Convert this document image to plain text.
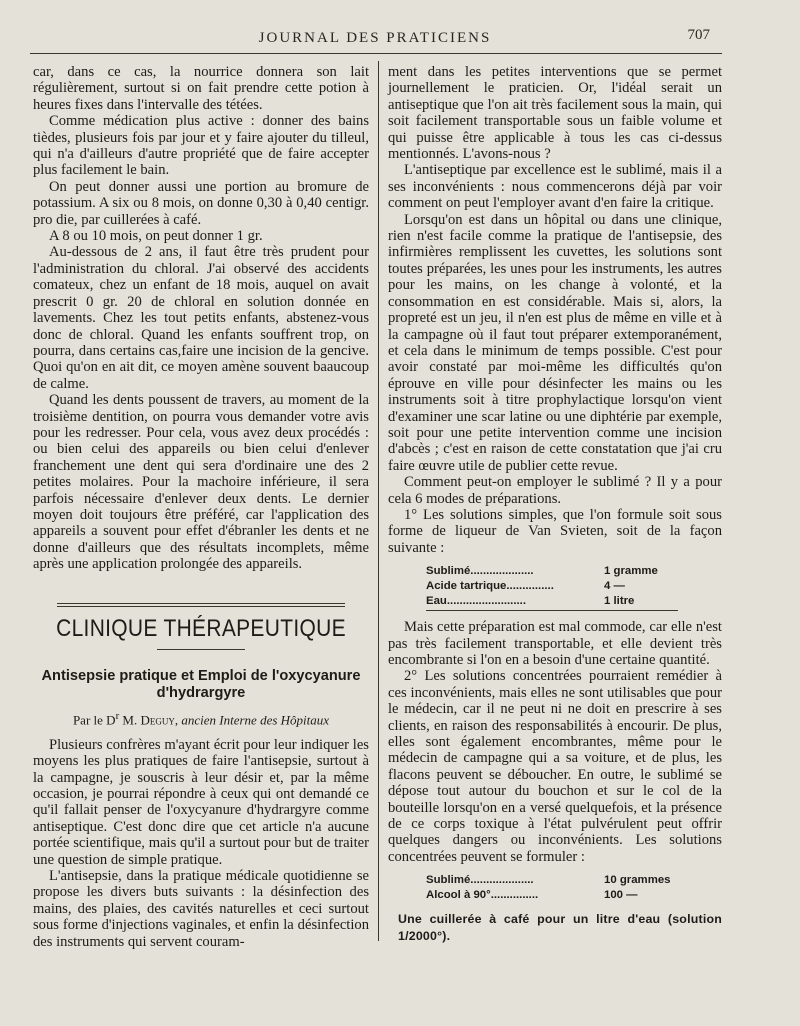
JOURNAL DES PRATICIENS	707

car, dans ce cas, la nourrice donnera son lait régulièrement, surtout si on fait prendre cette potion à heures fixes dans l'intervalle des tétées.

Comme médication plus active : donner des bains tièdes, plusieurs fois par jour et y faire ajouter du tilleul, qui n'a d'ailleurs d'autre propriété que de faire accepter plus facilement le bain.

On peut donner aussi une portion au bromure de potassium. A six ou 8 mois, on donne 0,30 à 0,40 centigr. pro die, par cuillerées à café.

A 8 ou 10 mois, on peut donner 1 gr.

Au-dessous de 2 ans, il faut être très prudent pour l'administration du chloral. J'ai observé des accidents comateux, chez un enfant de 18 mois, auquel on avait prescrit 0 gr. 20 de chloral en solution donnée en lavements. Chez les tout petits enfants, abstenez-vous donc de chloral. Quand les enfants souffrent trop, on pourra, dans certains cas,faire une incision de la gencive. Quoi qu'on en ait dit, ce moyen amène souvent baaucoup de calme.

Quand les dents poussent de travers, au moment de la troisième dentition, on pourra vous demander votre avis pour les redresser. Pour cela, vous avez deux procédés : ou bien celui des appareils ou bien celui d'enlever franchement une dent qui sera d'ordinaire une des 2 petites molaires. Pour la machoire inférieure, il sera parfois nécessaire d'enlever deux dents. Le dernier moyen doit toujours être préféré, car l'application des appareils a souvent pour effet d'ébranler les dents et ne donne d'ailleurs que des résultats incomplets, même après une application prolongée des appareils.

CLINIQUE THÉRAPEUTIQUE
Antisepsie pratique et Emploi de l'oxycyanure d'hydrargyre
Par le $D^r$ M. Deguy, ancien Interne des Hôpitaux

Plusieurs confrères m'ayant écrit pour leur indiquer les moyens les plus pratiques de faire l'antisepsie, surtout à la campagne, je souscris à leur désir et, par la même occasion, je pourrai répondre à ceux qui ont demandé ce qu'il fallait penser de l'oxycyanure d'hydrargyre comme antiseptique. C'est donc dire que cet article n'a aucune portée scientifique, mais qu'il a surtout pour but de traiter une question de simple pratique.

L'antisepsie, dans la pratique médicale quotidienne se propose les divers buts suivants : la désinfection des mains, des plaies, des cavités naturelles et ceci surtout sous forme d'injections vaginales, et enfin la désinfection des instruments qui servent couram-

ment dans les petites interventions que se permet journellement le praticien. Or, l'idéal serait un antiseptique que l'on ait très facilement sous la main, qui soit facilement transportable sous un faible volume et qui puisse être applicable à tous les cas ci-dessus mentionnés. L'avons-nous ?

L'antiseptique par excellence est le sublimé, mais il a ses inconvénients : nous commencerons déjà par voir comment on peut l'employer avant d'en faire la critique.

Lorsqu'on est dans un hôpital ou dans une clinique, rien n'est facile comme la pratique de l'antisepsie, des infirmières remplissent les cuvettes, les solutions sont toutes préparées, les unes pour les instruments, les autres pour les mains, on les change à volonté, et la consommation en est considérable. Mais si, alors, la propreté est un jeu, il n'en est plus de même en ville et à la campagne où il faut tout préparer extemporanément, et cela dans le minimum de temps possible. C'est pour avoir constaté par moi-même les difficultés qu'on éprouve en ville pour désinfecter les mains ou les instruments soit à titre prophylactique lorsqu'on vient d'examiner une scar latine ou une diphtérie par exemple, soit pour une petite intervention comme une incision d'abcès ; c'est en raison de cette constatation que j'ai cru faire œuvre utile de publier cette revue.

Comment peut-on employer le sublimé ? Il y a pour cela 6 modes de préparations.

1° Les solutions simples, que l'on formule soit sous forme de liqueur de Van Svieten, soit de la façon suivante :

Sublimé....................	1 gramme
Acide tartrique...............	4 —
Eau.........................	1 litre

Mais cette préparation est mal commode, car elle n'est pas très facilement transportable, et elle devient très encombrante si l'on en a besoin d'une certaine quantité.

2° Les solutions concentrées pourraient remédier à ces inconvénients, mais elles ne sont utilisables que pour le médecin, car il ne peut ni ne doit en prescrire à ses clients, en raison des responsabilités à encourir. De plus, elles sont également encombrantes, même pour le médecin de campagne qui a sa voiture, et de plus, les flacons peuvent se déboucher. En outre, le sublimé se dépose tout autour du bouchon et sur le col de la bouteille lorsqu'on en a versé quelquefois, et la présence de ce corps toxique à l'état pulvérulent peut offrir quelques dangers ou inconvénients. Les solutions concentrées peuvent se formuler :

Sublimé....................	10 grammes
Alcool à 90°...............	100 —
Une cuillerée à café pour un litre d'eau (solution 1/2000°).
